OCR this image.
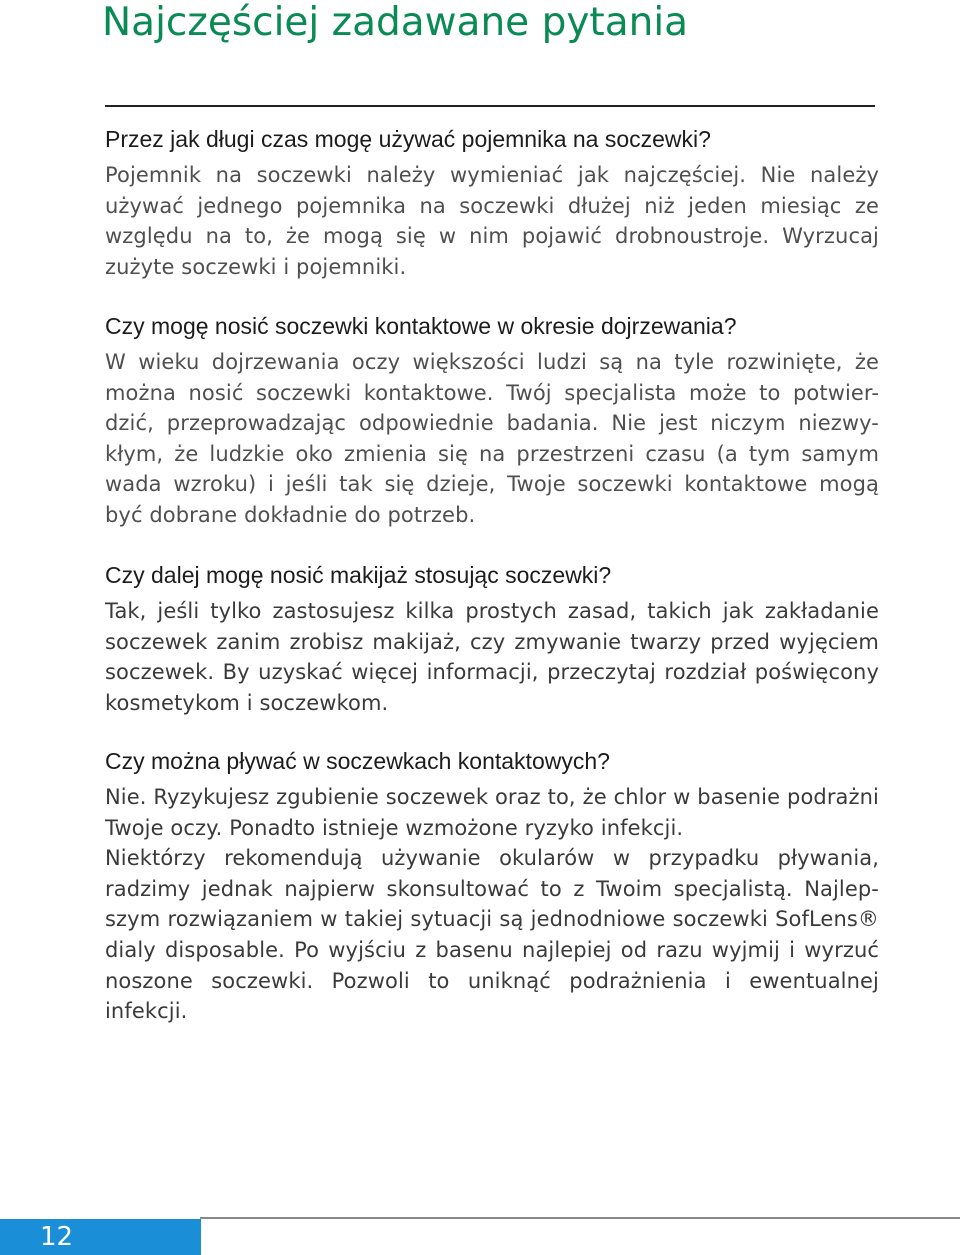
Najczęściej zadawane pytania
Przez jak długi czas mogę używać pojemnika na soczewki?

Pojemnik na soczewki należy wymieniać jak najczęściej. Nie należy
używać jednego pojemnika na soczewki dłużej niż jeden miesiąc ze
względu na to, że mogą się w nim pojawić drobnoustroje. Wyrzucaj
zużyte soczewki i pojemniki.

Czy mogę nosić soczewki kontaktowe w okresie dojrzewania?

W wieku dojrzewania oczy większości ludzi są na tyle rozwinięte, że
można nosić soczewki kontaktowe. Twój specjalista może to potwier-
dzić, przeprowadzając odpowiednie badania. Nie jest niczym niezwy-
kłym, że ludzkie oko zmienia się na przestrzeni czasu (a tym samym
wada wzroku) i jeśli tak się dzieje, Twoje soczewki kontaktowe mogą
być dobrane dokładnie do potrzeb.

Czy dalej mogę nosić makijaż stosując soczewki?

Tak, jeśli tylko zastosujesz kilka prostych zasad, takich jak zakładanie
soczewek zanim zrobisz makijaż, czy zmywanie twarzy przed wyjęciem
soczewek. By uzyskać więcej informacji, przeczytaj rozdział poświęcony
kosmetykom i soczewkom.

Czy można pływać w soczewkach kontaktowych?

Nie. Ryzykujesz zgubienie soczewek oraz to, że chlor w basenie podrażni
Twoje oczy. Ponadto istnieje wzmożone ryzyko infekcji.
Niektórzy rekomendują używanie okularów w przypadku pływania,
radzimy jednak najpierw skonsultować to z Twoim specjalistą. Najlep-
szym rozwiązaniem w takiej sytuacji są jednodniowe soczewki SofLens®
dialy disposable. Po wyjściu z basenu najlepiej od razu wyjmij i wyrzuć
noszone soczewki. Pozwoli to uniknąć podrażnienia i ewentualnej infekcji.

12
